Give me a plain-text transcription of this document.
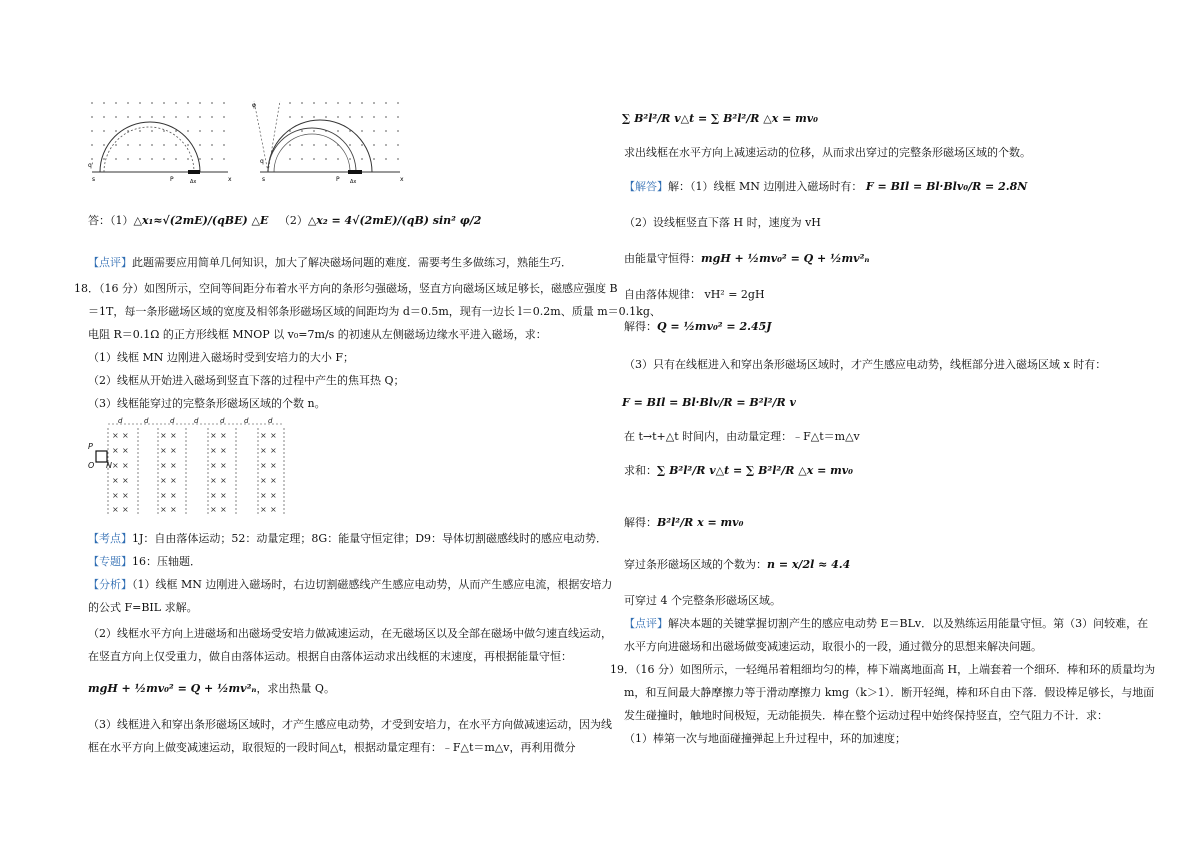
q'
s	P	Δx	x
φ
q
s	P Δx	x
答：（1）△x₁≈√(2mE)/(qBE) △E （2）△x₂ = 4√(2mE)/(qB) sin² φ/2
【点评】此题需要应用简单几何知识，加大了解决磁场问题的难度．需要考生多做练习，熟能生巧．
18．（16 分）如图所示，空间等间距分布着水平方向的条形匀强磁场，竖直方向磁场区域足够长，磁感应强度 B
＝1T，每一条形磁场区域的宽度及相邻条形磁场区域的间距均为 d＝0.5m，现有一边长 l＝0.2m、质量 m＝0.1kg、
电阻 R＝0.1Ω 的正方形线框 MNOP 以 v₀=7m/s 的初速从左侧磁场边缘水平进入磁场，求：
（1）线框 MN 边刚进入磁场时受到安培力的大小 F；
（2）线框从开始进入磁场到竖直下落的过程中产生的焦耳热 Q；
（3）线框能穿过的完整条形磁场区域的个数 n。
d	d	d	d	d	d	d
× ×
× ×
× ×
× ×
× ×
× ×
× ×
× ×
× ×
× ×
× ×
× ×
× ×
× ×
× ×
× ×
× ×
× ×
× ×
× ×
× ×
× ×
× ×
× ×
P
O N
【考点】1J：自由落体运动；52：动量定理；8G：能量守恒定律；D9：导体切割磁感线时的感应电动势．
【专题】16：压轴题．
【分析】（1）线框 MN 边刚进入磁场时，右边切割磁感线产生感应电动势，从而产生感应电流，根据安培力
的公式 F=BIL 求解。
（2）线框水平方向上进磁场和出磁场受安培力做减速运动，在无磁场区以及全部在磁场中做匀速直线运动，
在竖直方向上仅受重力，做自由落体运动。根据自由落体运动求出线框的末速度，再根据能量守恒：
mgH + ½mv₀² = Q + ½mv²ₙ，求出热量 Q。
（3）线框进入和穿出条形磁场区域时，才产生感应电动势，才受到安培力，在水平方向做减速运动，因为线
框在水平方向上做变减速运动，取很短的一段时间△t，根据动量定理有：﹣F△t＝m△v，再利用微分
∑ B²l²/R v△t = ∑ B²l²/R △x = mv₀
求出线框在水平方向上减速运动的位移，从而求出穿过的完整条形磁场区域的个数。
【解答】解：（1）线框 MN 边刚进入磁场时有： F = BIl = Bl·Blv₀/R = 2.8N
（2）设线框竖直下落 H 时，速度为 vH
由能量守恒得：mgH + ½mv₀² = Q + ½mv²ₙ
自由落体规律： vH² = 2gH
解得：Q = ½mv₀² = 2.45J
（3）只有在线框进入和穿出条形磁场区域时，才产生感应电动势，线框部分进入磁场区域 x 时有：
F = BIl = Bl·Blv/R = B²l²/R v
在 t→t+△t 时间内，由动量定理：﹣F△t＝m△v
求和：∑ B²l²/R v△t = ∑ B²l²/R △x = mv₀
解得：B²l²/R x = mv₀
穿过条形磁场区域的个数为：n = x/2l ≈ 4.4
可穿过 4 个完整条形磁场区域。
【点评】解决本题的关键掌握切割产生的感应电动势 E＝BLv．以及熟练运用能量守恒。第（3）问较难，在
水平方向进磁场和出磁场做变减速运动，取很小的一段，通过微分的思想来解决问题。
19．（16 分）如图所示，一轻绳吊着粗细均匀的棒，棒下端离地面高 H，上端套着一个细环．棒和环的质量均为
m，和互间最大静摩擦力等于滑动摩擦力 kmg（k＞1）．断开轻绳，棒和环自由下落．假设棒足够长，与地面
发生碰撞时，触地时间极短，无动能损失．棒在整个运动过程中始终保持竖直，空气阻力不计．求：
（1）棒第一次与地面碰撞弹起上升过程中，环的加速度；
